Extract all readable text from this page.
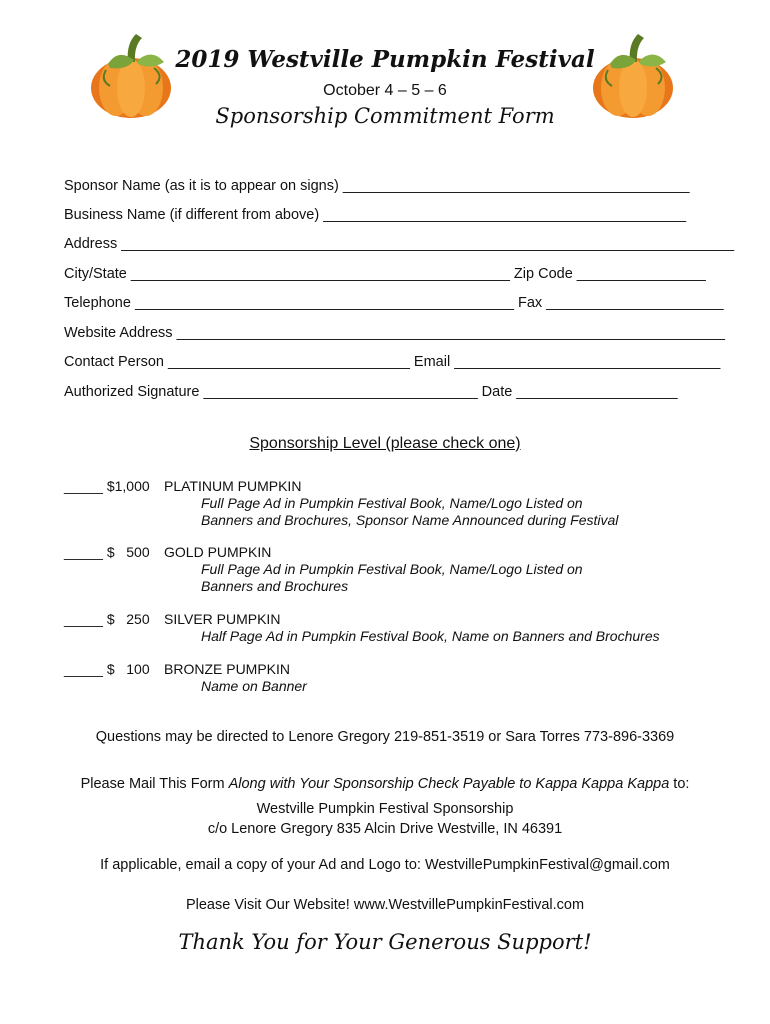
2019 Westville Pumpkin Festival
October 4 – 5 – 6
Sponsorship Commitment Form
Sponsor Name (as it is to appear on signs) ___________________________________________
Business Name (if different from above) _____________________________________________
Address ____________________________________________________________________________
City/State _______________________________________________ Zip Code ________________
Telephone _______________________________________________ Fax ______________________
Website Address ____________________________________________________________________
Contact Person ______________________________ Email _________________________________
Authorized Signature __________________________________ Date ____________________
Sponsorship Level (please check one)
_____ $1,000 PLATINUM PUMPKIN
Full Page Ad in Pumpkin Festival Book, Name/Logo Listed on
Banners and Brochures, Sponsor Name Announced during Festival
_____ $   500 GOLD PUMPKIN
Full Page Ad in Pumpkin Festival Book, Name/Logo Listed on
Banners and Brochures
_____ $   250 SILVER PUMPKIN
Half Page Ad in Pumpkin Festival Book, Name on Banners and Brochures
_____ $   100 BRONZE PUMPKIN
Name on Banner
Questions may be directed to Lenore Gregory 219-851-3519 or Sara Torres 773-896-3369
Please Mail This Form Along with Your Sponsorship Check Payable to Kappa Kappa Kappa to:
Westville Pumpkin Festival Sponsorship
c/o Lenore Gregory 835 Alcin Drive Westville, IN 46391
If applicable, email a copy of your Ad and Logo to: WestvillePumpkinFestival@gmail.com
Please Visit Our Website! www.WestvillePumpkinFestival.com
Thank You for Your Generous Support!
